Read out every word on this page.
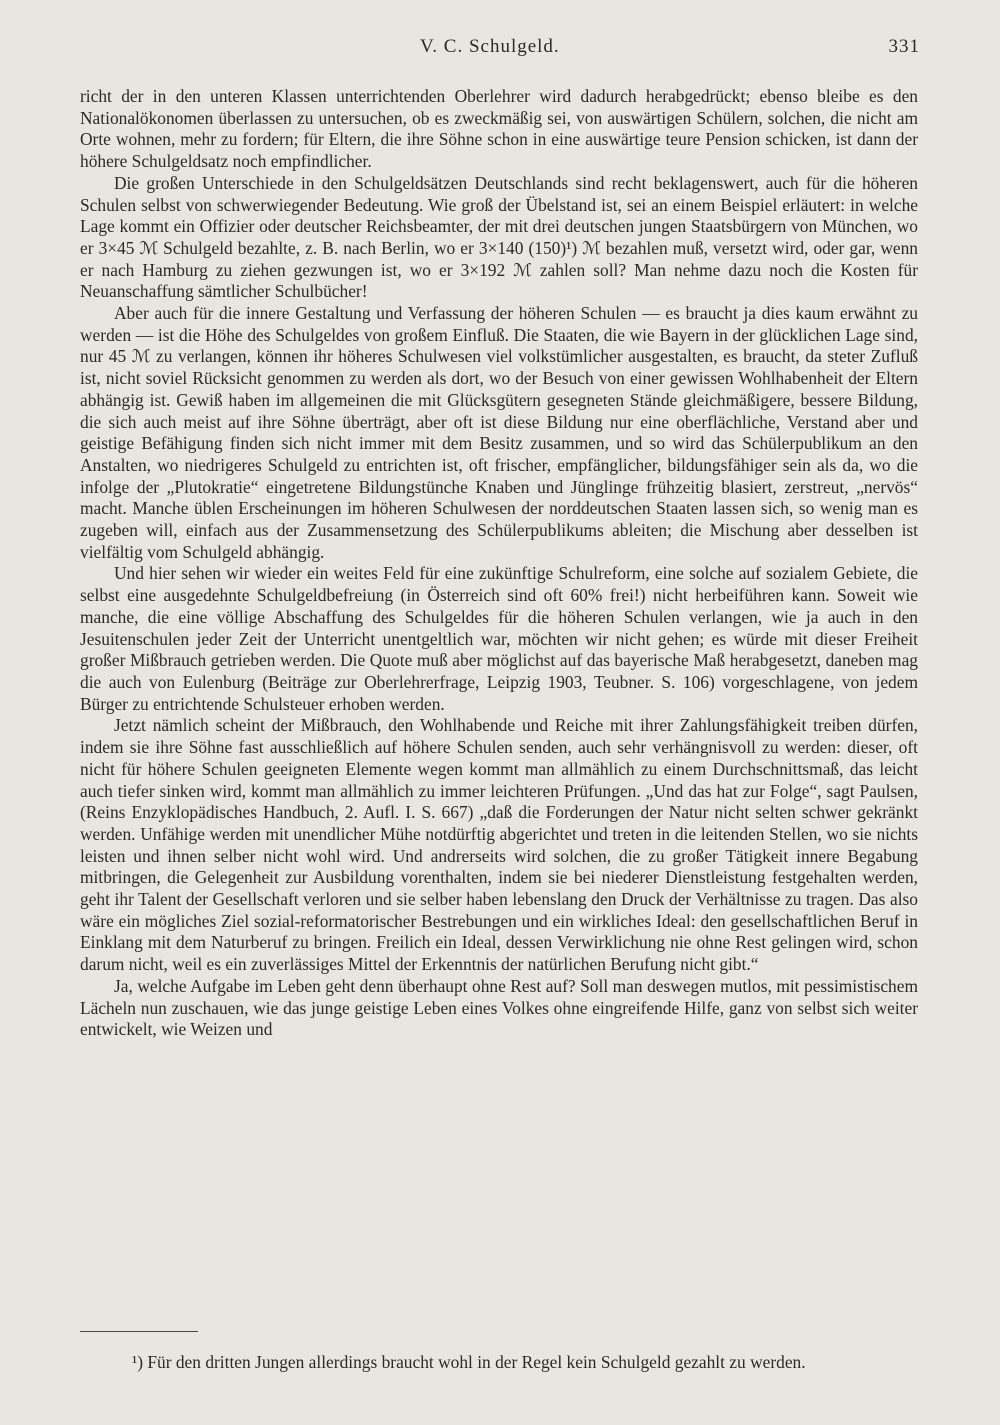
V. C. Schulgeld.	331

richt der in den unteren Klassen unterrichtenden Oberlehrer wird dadurch herabgedrückt; ebenso bleibe es den Nationalökonomen überlassen zu untersuchen, ob es zweckmäßig sei, von auswärtigen Schülern, solchen, die nicht am Orte wohnen, mehr zu fordern; für Eltern, die ihre Söhne schon in eine auswärtige teure Pension schicken, ist dann der höhere Schulgeldsatz noch empfindlicher.

Die großen Unterschiede in den Schulgeldsätzen Deutschlands sind recht beklagenswert, auch für die höheren Schulen selbst von schwerwiegender Bedeutung. Wie groß der Übelstand ist, sei an einem Beispiel erläutert: in welche Lage kommt ein Offizier oder deutscher Reichsbeamter, der mit drei deutschen jungen Staatsbürgern von München, wo er 3×45 ℳ Schulgeld bezahlte, z. B. nach Berlin, wo er 3×140 (150)¹) ℳ bezahlen muß, versetzt wird, oder gar, wenn er nach Hamburg zu ziehen gezwungen ist, wo er 3×192 ℳ zahlen soll? Man nehme dazu noch die Kosten für Neuanschaffung sämtlicher Schulbücher!

Aber auch für die innere Gestaltung und Verfassung der höheren Schulen — es braucht ja dies kaum erwähnt zu werden — ist die Höhe des Schulgeldes von großem Einfluß. Die Staaten, die wie Bayern in der glücklichen Lage sind, nur 45 ℳ zu verlangen, können ihr höheres Schulwesen viel volkstümlicher ausgestalten, es braucht, da steter Zufluß ist, nicht soviel Rücksicht genommen zu werden als dort, wo der Besuch von einer gewissen Wohlhabenheit der Eltern abhängig ist. Gewiß haben im allgemeinen die mit Glücksgütern gesegneten Stände gleichmäßigere, bessere Bildung, die sich auch meist auf ihre Söhne überträgt, aber oft ist diese Bildung nur eine oberflächliche, Verstand aber und geistige Befähigung finden sich nicht immer mit dem Besitz zusammen, und so wird das Schülerpublikum an den Anstalten, wo niedrigeres Schulgeld zu entrichten ist, oft frischer, empfänglicher, bildungsfähiger sein als da, wo die infolge der „Plutokratie“ eingetretene Bildungstünche Knaben und Jünglinge frühzeitig blasiert, zerstreut, „nervös“ macht. Manche üblen Erscheinungen im höheren Schulwesen der norddeutschen Staaten lassen sich, so wenig man es zugeben will, einfach aus der Zusammensetzung des Schülerpublikums ableiten; die Mischung aber desselben ist vielfältig vom Schulgeld abhängig.

Und hier sehen wir wieder ein weites Feld für eine zukünftige Schulreform, eine solche auf sozialem Gebiete, die selbst eine ausgedehnte Schulgeldbefreiung (in Österreich sind oft 60% frei!) nicht herbeiführen kann. Soweit wie manche, die eine völlige Abschaffung des Schulgeldes für die höheren Schulen verlangen, wie ja auch in den Jesuitenschulen jeder Zeit der Unterricht unentgeltlich war, möchten wir nicht gehen; es würde mit dieser Freiheit großer Mißbrauch getrieben werden. Die Quote muß aber möglichst auf das bayerische Maß herabgesetzt, daneben mag die auch von Eulenburg (Beiträge zur Oberlehrerfrage, Leipzig 1903, Teubner. S. 106) vorgeschlagene, von jedem Bürger zu entrichtende Schulsteuer erhoben werden.

Jetzt nämlich scheint der Mißbrauch, den Wohlhabende und Reiche mit ihrer Zahlungsfähigkeit treiben dürfen, indem sie ihre Söhne fast ausschließlich auf höhere Schulen senden, auch sehr verhängnisvoll zu werden: dieser, oft nicht für höhere Schulen geeigneten Elemente wegen kommt man allmählich zu einem Durchschnittsmaß, das leicht auch tiefer sinken wird, kommt man allmählich zu immer leichteren Prüfungen. „Und das hat zur Folge“, sagt Paulsen, (Reins Enzyklopädisches Handbuch, 2. Aufl. I. S. 667) „daß die Forderungen der Natur nicht selten schwer gekränkt werden. Unfähige werden mit unendlicher Mühe notdürftig abgerichtet und treten in die leitenden Stellen, wo sie nichts leisten und ihnen selber nicht wohl wird. Und andrerseits wird solchen, die zu großer Tätigkeit innere Begabung mitbringen, die Gelegenheit zur Ausbildung vorenthalten, indem sie bei niederer Dienstleistung festgehalten werden, geht ihr Talent der Gesellschaft verloren und sie selber haben lebenslang den Druck der Verhältnisse zu tragen. Das also wäre ein mögliches Ziel sozial-reformatorischer Bestrebungen und ein wirkliches Ideal: den gesellschaftlichen Beruf in Einklang mit dem Naturberuf zu bringen. Freilich ein Ideal, dessen Verwirklichung nie ohne Rest gelingen wird, schon darum nicht, weil es ein zuverlässiges Mittel der Erkenntnis der natürlichen Berufung nicht gibt.“

Ja, welche Aufgabe im Leben geht denn überhaupt ohne Rest auf? Soll man deswegen mutlos, mit pessimistischem Lächeln nun zuschauen, wie das junge geistige Leben eines Volkes ohne eingreifende Hilfe, ganz von selbst sich weiter entwickelt, wie Weizen und

¹) Für den dritten Jungen allerdings braucht wohl in der Regel kein Schulgeld gezahlt zu werden.
